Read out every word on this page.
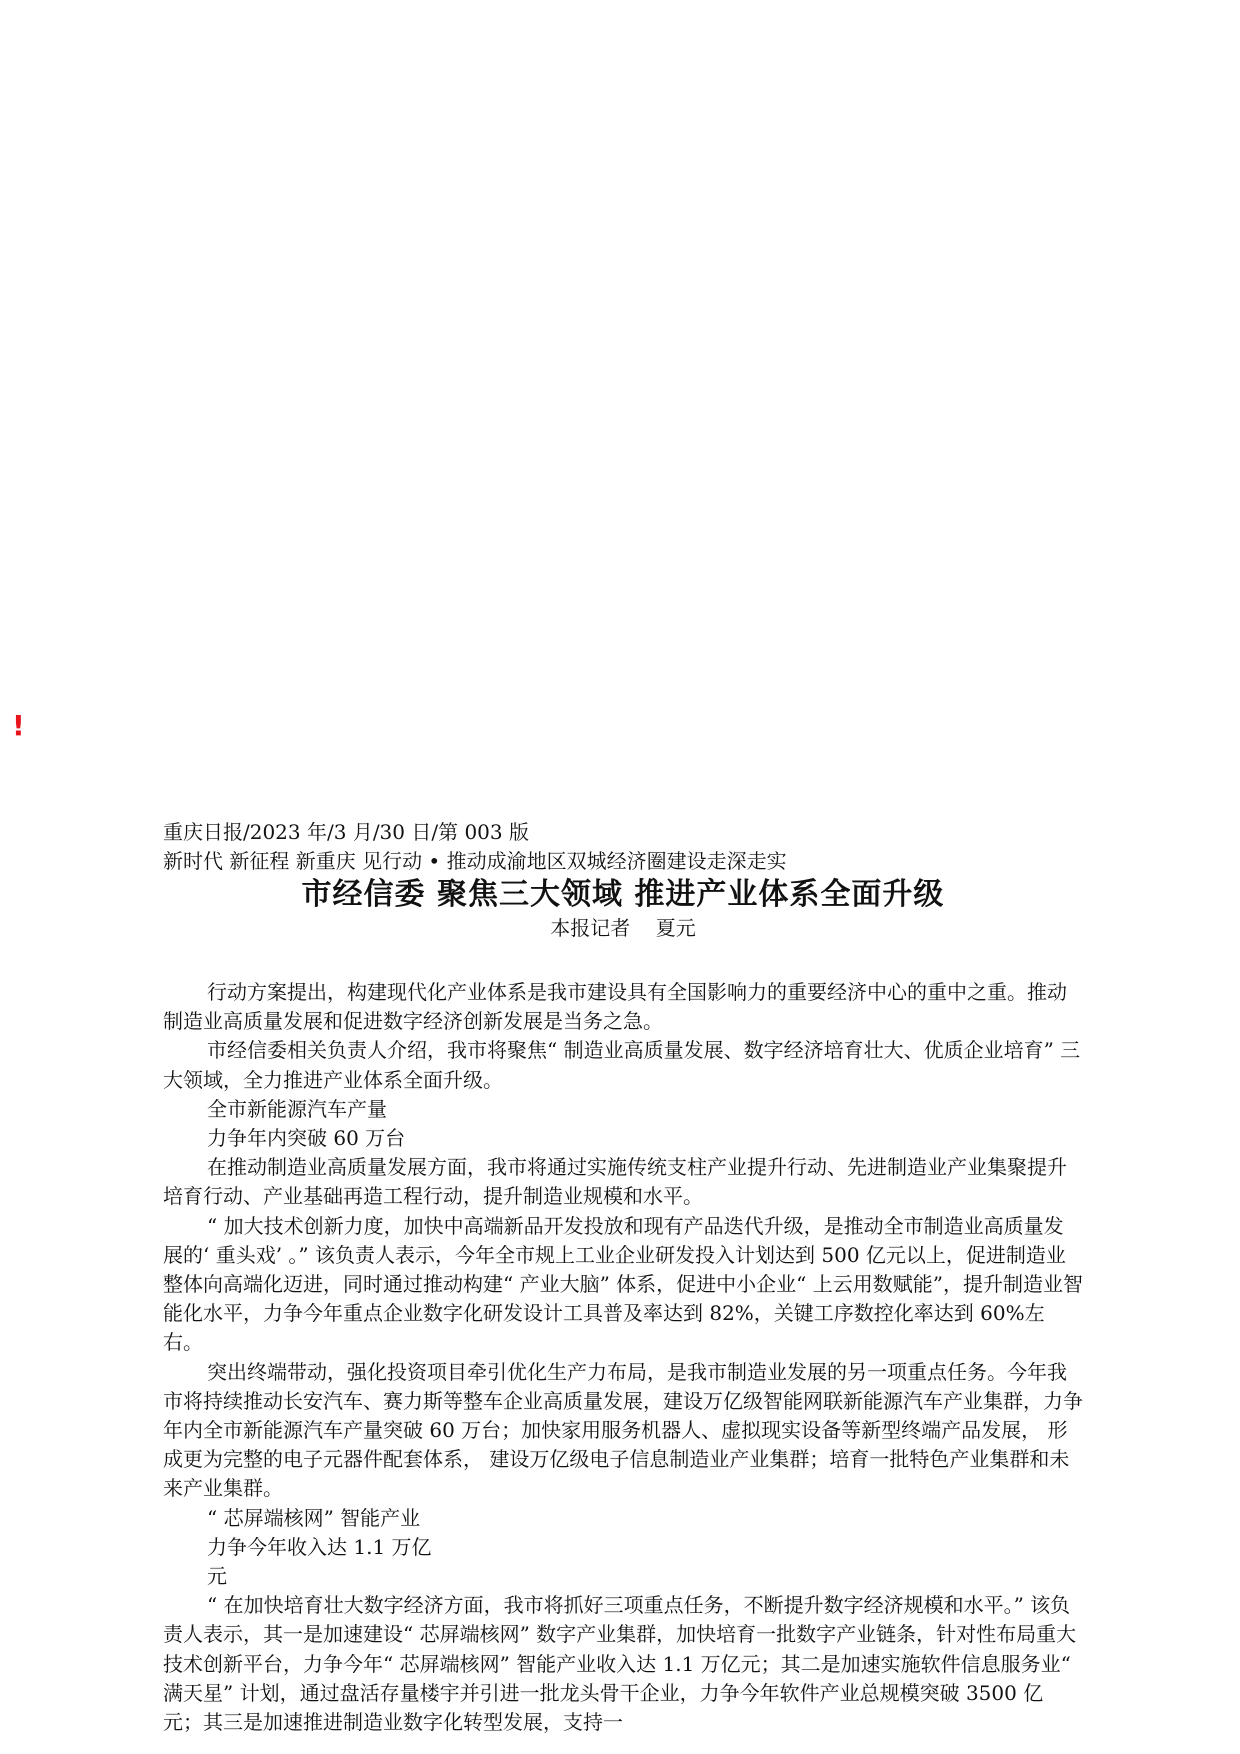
!
重庆日报/2023 年/3 月/30 日/第 003 版
新时代 新征程 新重庆 见行动 • 推动成渝地区双城经济圈建设走深走实
市经信委 聚焦三大领域 推进产业体系全面升级
本报记者    夏元

行动方案提出，构建现代化产业体系是我市建设具有全国影响力的重要经济中心的重中之重。推动制造业高质量发展和促进数字经济创新发展是当务之急。

市经信委相关负责人介绍，我市将聚焦“ 制造业高质量发展、数字经济培育壮大、优质企业培育” 三大领域，全力推进产业体系全面升级。

全市新能源汽车产量

力争年内突破 60 万台

在推动制造业高质量发展方面，我市将通过实施传统支柱产业提升行动、先进制造业产业集聚提升培育行动、产业基础再造工程行动，提升制造业规模和水平。

“ 加大技术创新力度，加快中高端新品开发投放和现有产品迭代升级，是推动全市制造业高质量发展的‘ 重头戏’ 。” 该负责人表示，今年全市规上工业企业研发投入计划达到 500 亿元以上，促进制造业整体向高端化迈进，同时通过推动构建“ 产业大脑” 体系，促进中小企业“ 上云用数赋能”，提升制造业智能化水平，力争今年重点企业数字化研发设计工具普及率达到 82%，关键工序数控化率达到 60%左右。

突出终端带动，强化投资项目牵引优化生产力布局，是我市制造业发展的另一项重点任务。今年我市将持续推动长安汽车、赛力斯等整车企业高质量发展，建设万亿级智能网联新能源汽车产业集群，力争年内全市新能源汽车产量突破 60 万台；加快家用服务机器人、虚拟现实设备等新型终端产品发展， 形成更为完整的电子元器件配套体系， 建设万亿级电子信息制造业产业集群；培育一批特色产业集群和未来产业集群。

“ 芯屏端核网” 智能产业

力争今年收入达 1.1 万亿

元

“ 在加快培育壮大数字经济方面，我市将抓好三项重点任务，不断提升数字经济规模和水平。” 该负责人表示，其一是加速建设“ 芯屏端核网” 数字产业集群，加快培育一批数字产业链条，针对性布局重大技术创新平台，力争今年“ 芯屏端核网” 智能产业收入达 1.1 万亿元；其二是加速实施软件信息服务业“ 满天星” 计划，通过盘活存量楼宇并引进一批龙头骨干企业，力争今年软件产业总规模突破 3500 亿元；其三是加速推进制造业数字化转型发展，支持一
